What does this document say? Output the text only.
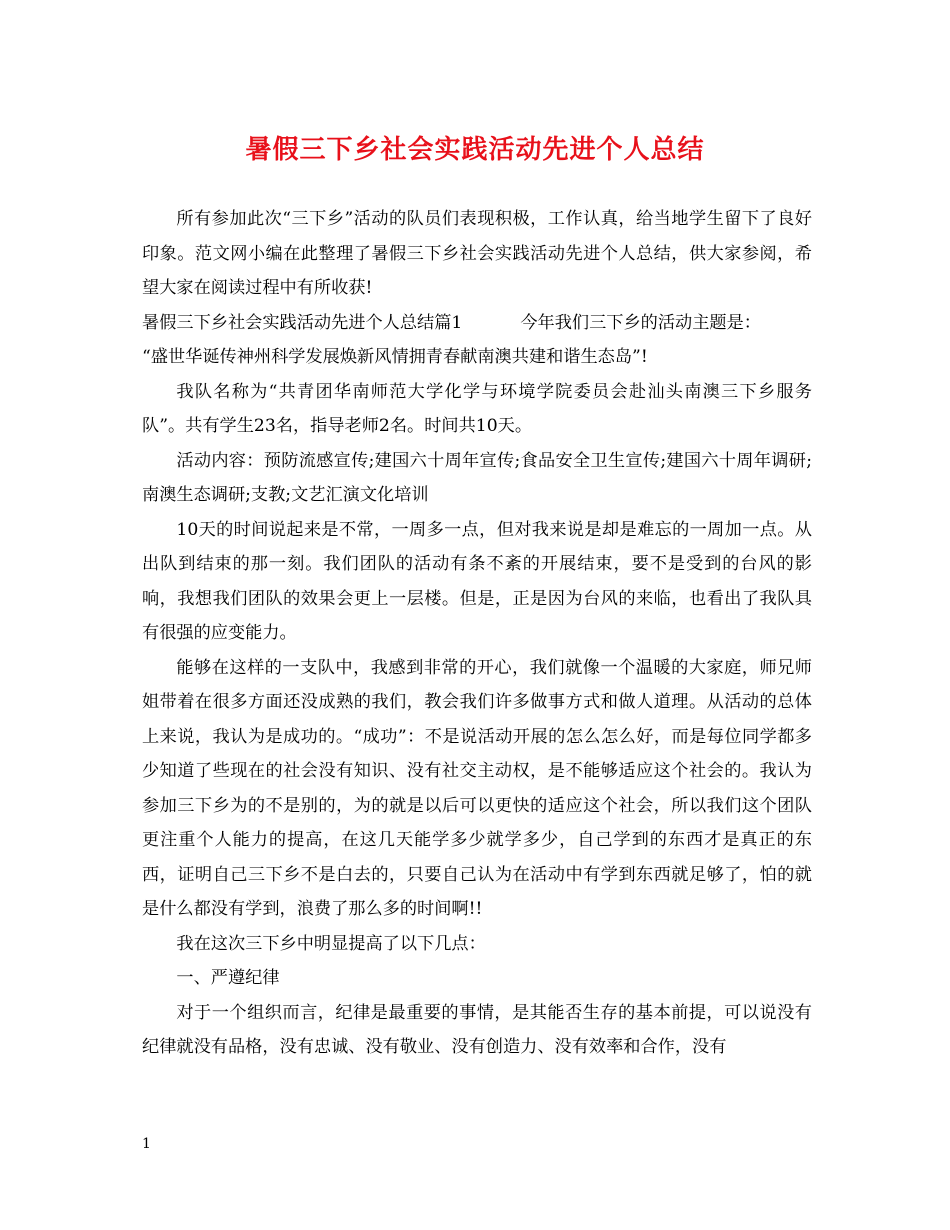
暑假三下乡社会实践活动先进个人总结

所有参加此次“三下乡”活动的队员们表现积极，工作认真，给当地学生留下了良好印象。范文网小编在此整理了暑假三下乡社会实践活动先进个人总结，供大家参阅，希望大家在阅读过程中有所收获!

暑假三下乡社会实践活动先进个人总结篇1	今年我们三下乡的活动主题是：

“盛世华诞传神州科学发展焕新风情拥青春献南澳共建和谐生态岛”!

我队名称为“共青团华南师范大学化学与环境学院委员会赴汕头南澳三下乡服务队”。共有学生23名，指导老师2名。时间共10天。

活动内容：预防流感宣传;建国六十周年宣传;食品安全卫生宣传;建国六十周年调研;南澳生态调研;支教;文艺汇演文化培训

10天的时间说起来是不常，一周多一点，但对我来说是却是难忘的一周加一点。从出队到结束的那一刻。我们团队的活动有条不紊的开展结束，要不是受到的台风的影响，我想我们团队的效果会更上一层楼。但是，正是因为台风的来临，也看出了我队具有很强的应变能力。

能够在这样的一支队中，我感到非常的开心，我们就像一个温暖的大家庭，师兄师姐带着在很多方面还没成熟的我们，教会我们许多做事方式和做人道理。从活动的总体上来说，我认为是成功的。“成功”：不是说活动开展的怎么怎么好，而是每位同学都多少知道了些现在的社会没有知识、没有社交主动权，是不能够适应这个社会的。我认为参加三下乡为的不是别的，为的就是以后可以更快的适应这个社会，所以我们这个团队更注重个人能力的提高，在这几天能学多少就学多少，自己学到的东西才是真正的东西，证明自己三下乡不是白去的，只要自己认为在活动中有学到东西就足够了，怕的就是什么都没有学到，浪费了那么多的时间啊!!

我在这次三下乡中明显提高了以下几点：

一、严遵纪律

对于一个组织而言，纪律是最重要的事情，是其能否生存的基本前提，可以说没有纪律就没有品格，没有忠诚、没有敬业、没有创造力、没有效率和合作，没有

1
